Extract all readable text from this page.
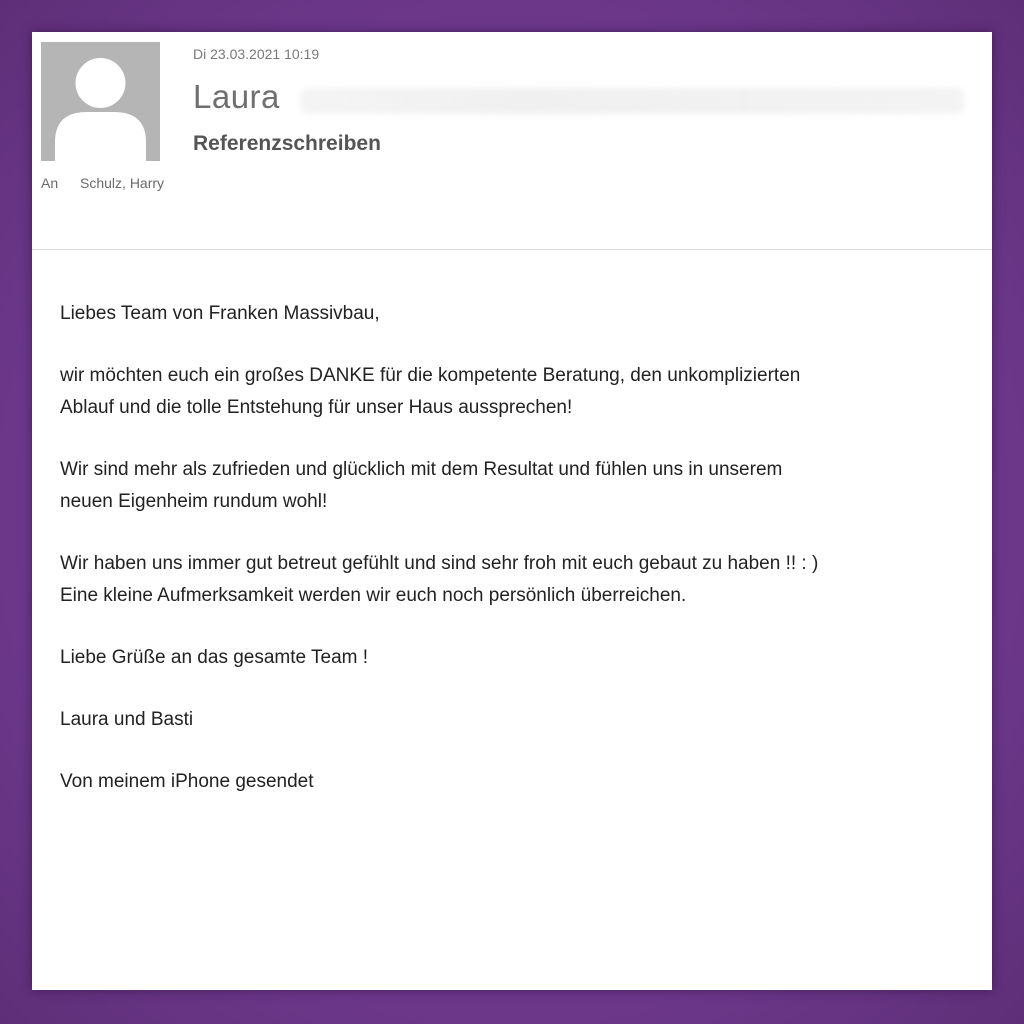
An Schulz, Harry
Di 23.03.2021 10:19
Laura
Referenzschreiben

Liebes Team von Franken Massivbau,

wir möchten euch ein großes DANKE für die kompetente Beratung, den unkomplizierten
Ablauf und die tolle Entstehung für unser Haus aussprechen!

Wir sind mehr als zufrieden und glücklich mit dem Resultat und fühlen uns in unserem
neuen Eigenheim rundum wohl!

Wir haben uns immer gut betreut gefühlt und sind sehr froh mit euch gebaut zu haben !! : )
Eine kleine Aufmerksamkeit werden wir euch noch persönlich überreichen.

Liebe Grüße an das gesamte Team !

Laura und Basti

Von meinem iPhone gesendet
